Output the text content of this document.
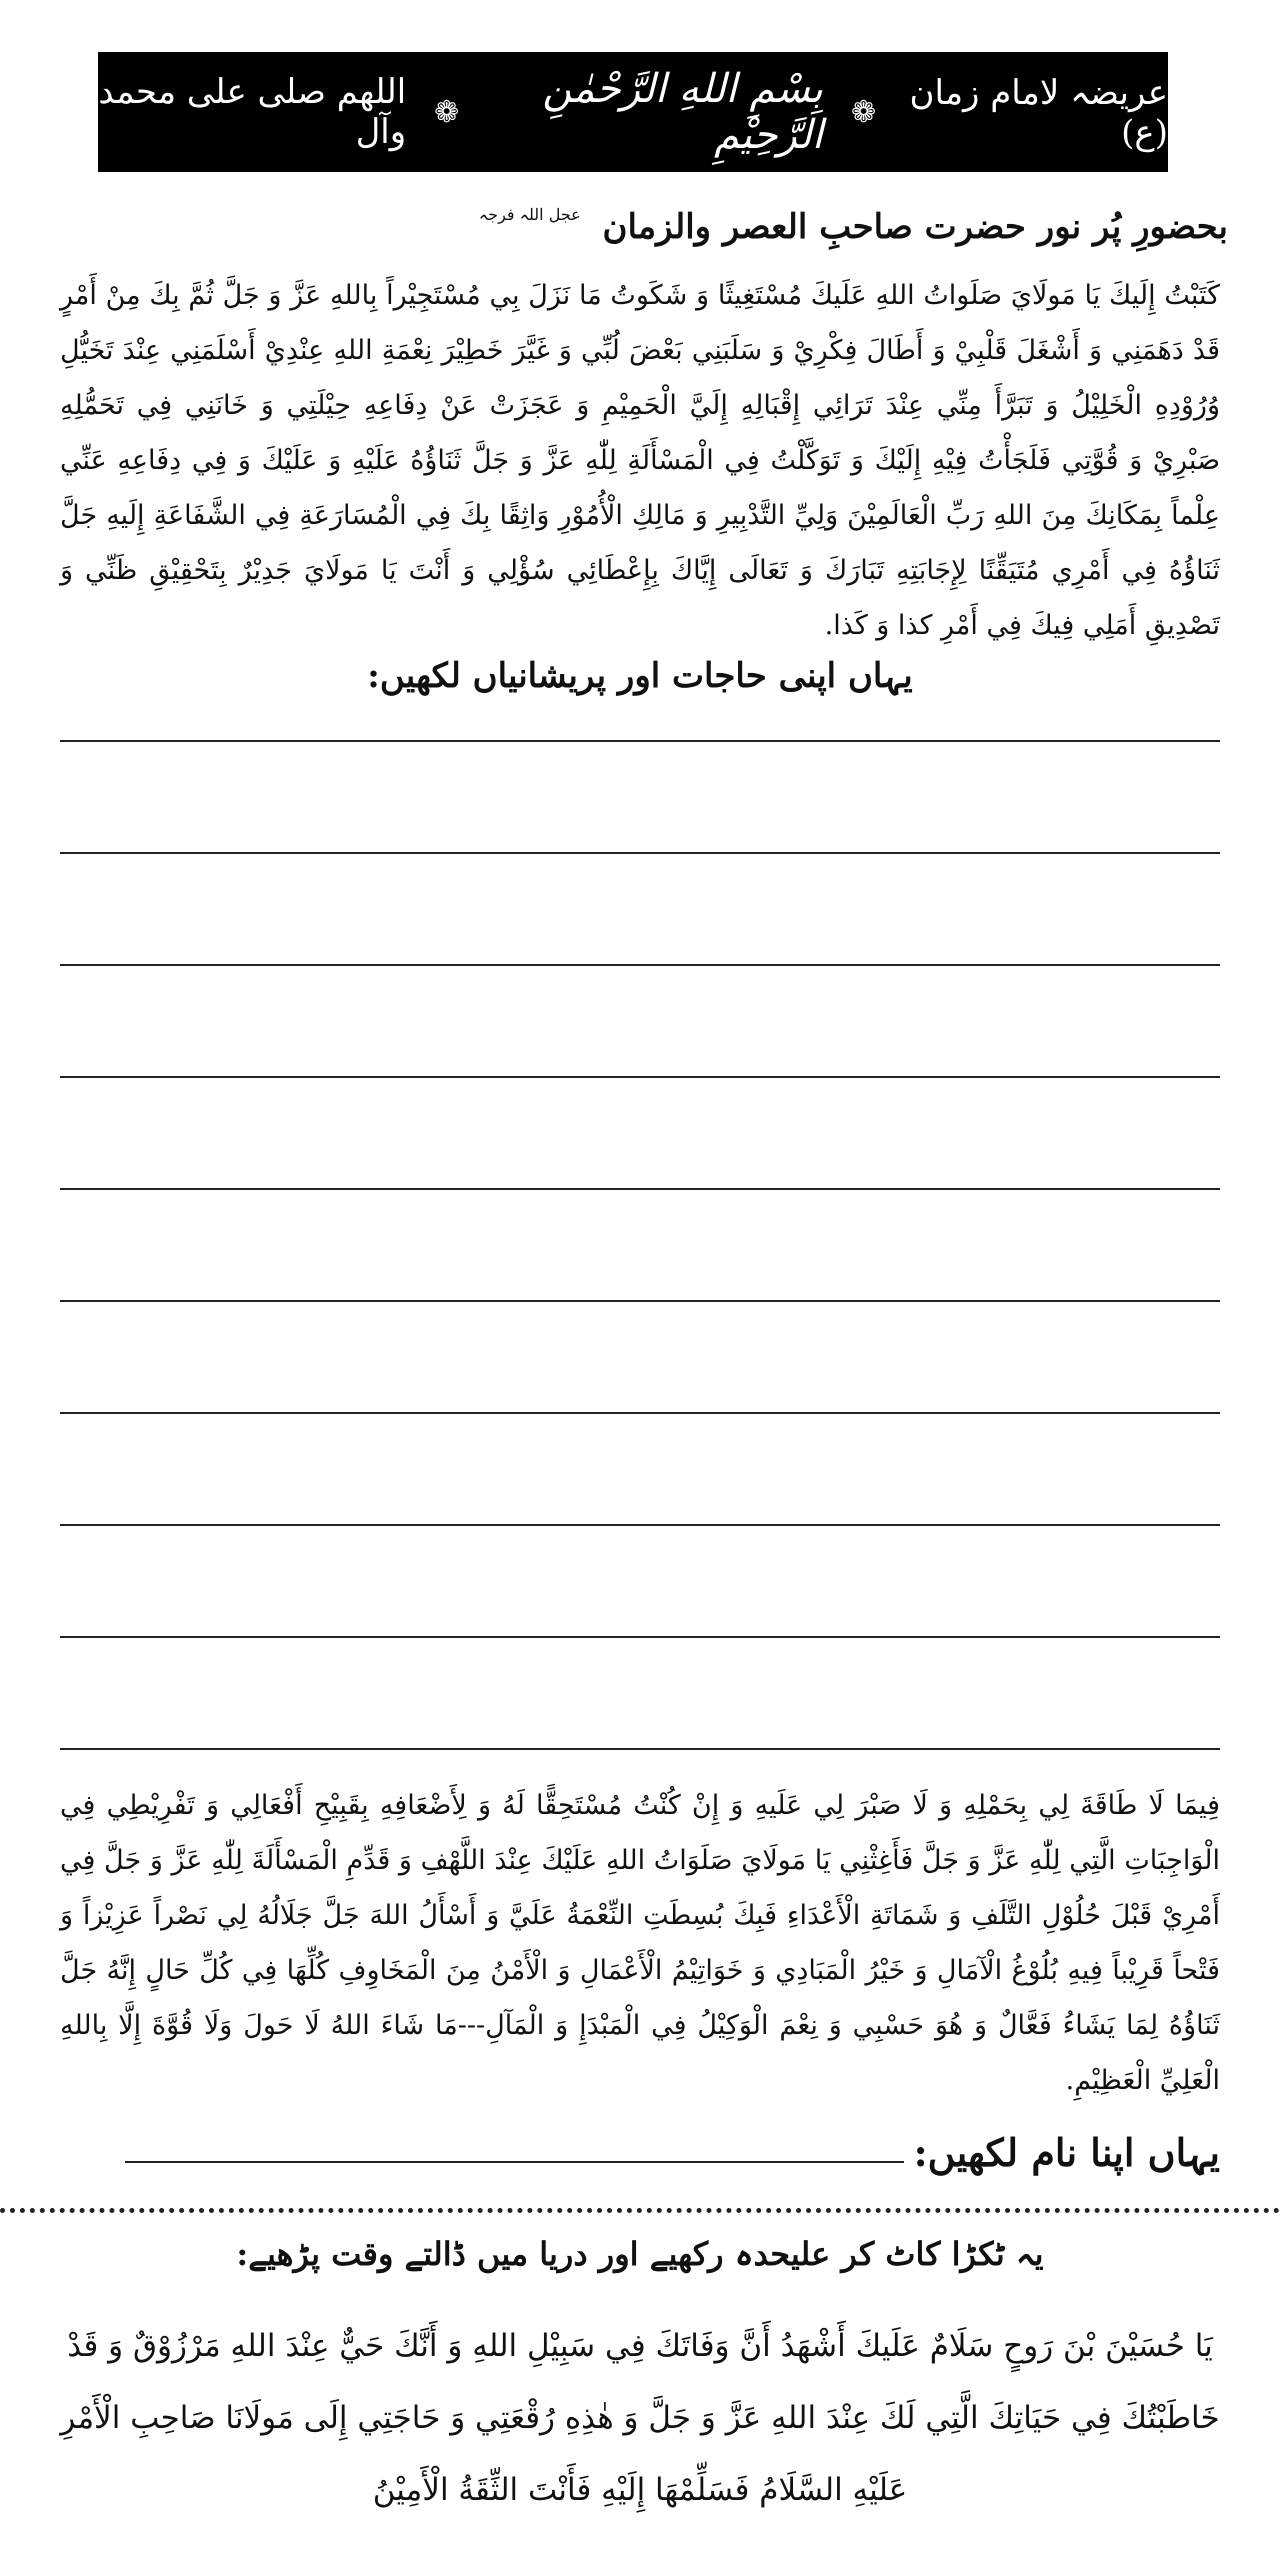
عریضہ لامام زمان (ع)
❁
بِسْمِ اللهِ الرَّحْمٰنِ الرَّحِيْمِ
❁
اللھم صلی علی محمد وآل
بحضورِ پُر نور حضرت صاحبِ العصر والزمان $^{عجل اللہ فرجہ}$
كَتَبْتُ إِلَيكَ يَا مَولَايَ صَلَواتُ اللهِ عَلَيكَ مُسْتَغِيثًا وَ شَكَوتُ مَا نَزَلَ بِي مُسْتَجِيْراً بِاللهِ عَزَّ وَ جَلَّ ثُمَّ بِكَ مِنْ أَمْرٍ قَدْ دَهَمَنِي وَ أَشْغَلَ قَلْبِيْ وَ أَطَالَ فِكْرِيْ وَ سَلَبَنِي بَعْضَ لُبِّي وَ غَيَّرَ خَطِيْرَ نِعْمَةِ اللهِ عِنْدِيْ أَسْلَمَنِي عِنْدَ تَخَيُّلِ وُرُوْدِهِ الْخَلِيْلُ وَ تَبَرَّأَ مِنِّي عِنْدَ تَرَائِي إِقْبَالِهِ إِلَيَّ الْحَمِيْمِ وَ عَجَزَتْ عَنْ دِفَاعِهِ حِيْلَتِي وَ خَانَنِي فِي تَحَمُّلِهِ صَبْرِيْ وَ قُوَّتِي فَلَجَأْتُ فِيْهِ إِلَيْكَ وَ تَوَكَّلْتُ فِي الْمَسْأَلَةِ لِلّٰهِ عَزَّ وَ جَلَّ ثَنَاؤُهُ عَلَيْهِ وَ عَلَيْكَ وَ فِي دِفَاعِهِ عَنِّي عِلْماً بِمَكَانِكَ مِنَ اللهِ رَبِّ الْعَالَمِيْنَ وَلِيِّ التَّدْبِيرِ وَ مَالِكِ الْأُمُوْرِ وَاثِقًا بِكَ فِي الْمُسَارَعَةِ فِي الشَّفَاعَةِ إِلَيهِ جَلَّ ثَنَاؤُهُ فِي أَمْرِي مُتَيَقِّنًا لِإِجَابَتِهِ تَبَارَكَ وَ تَعَالَى إِيَّاكَ بِإِعْطَائِي سُؤْلِي وَ أَنْتَ يَا مَولَايَ جَدِيْرٌ بِتَحْقِيْقِ ظَنِّي وَ تَصْدِيقِ أَمَلِي فِيكَ فِي أَمْرِ كذا وَ كَذا.
یہاں اپنی حاجات اور پریشانیاں لکھیں:
فِيمَا لَا طَاقَةَ لِي بِحَمْلِهِ وَ لَا صَبْرَ لِي عَلَيهِ وَ إِنْ كُنْتُ مُسْتَحِقًّا لَهُ وَ لِأَضْعَافِهِ بِقَبِيْحِ أَفْعَالِي وَ تَفْرِيْطِي فِي الْوَاجِبَاتِ الَّتِي لِلّٰهِ عَزَّ وَ جَلَّ فَأَغِثْنِي يَا مَولَايَ صَلَوَاتُ اللهِ عَلَيْكَ عِنْدَ اللَّهْفِ وَ قَدِّمِ الْمَسْأَلَةَ لِلّٰهِ عَزَّ وَ جَلَّ فِي أَمْرِيْ قَبْلَ حُلُوْلِ التَّلَفِ وَ شَمَاتَةِ الْأَعْدَاءِ فَبِكَ بُسِطَتِ النِّعْمَةُ عَلَيَّ وَ أَسْأَلُ اللهَ جَلَّ جَلَالُهُ لِي نَصْراً عَزِيْزاً وَ فَتْحاً قَرِيْباً فِيهِ بُلُوْغُ الْآمَالِ وَ خَيْرُ الْمَبَادِي وَ خَوَاتِيْمُ الْأَعْمَالِ وَ الْأَمْنُ مِنَ الْمَخَاوِفِ كُلِّهَا فِي كُلِّ حَالٍ إِنَّهُ جَلَّ ثَنَاؤُهُ لِمَا يَشَاءُ فَعَّالٌ وَ هُوَ حَسْبِي وَ نِعْمَ الْوَكِيْلُ فِي الْمَبْدَإِ وَ الْمَآلِ---مَا شَاءَ اللهُ لَا حَولَ وَلَا قُوَّةَ إِلَّا بِاللهِ الْعَلِيِّ الْعَظِيْمِ.
یہاں اپنا نام لکھیں:
یہ ٹکڑا کاٹ کر علیحدہ رکھیے اور دریا میں ڈالتے وقت پڑھیے:
يَا حُسَيْنَ بْنَ رَوحٍ سَلَامٌ عَلَيكَ أَشْهَدُ أَنَّ وَفَاتَكَ فِي سَبِيْلِ اللهِ وَ أَنَّكَ حَيٌّ عِنْدَ اللهِ مَرْزُوْقٌ وَ قَدْ خَاطَبْتُكَ فِي حَيَاتِكَ الَّتِي لَكَ عِنْدَ اللهِ عَزَّ وَ جَلَّ وَ هٰذِهِ رُقْعَتِي وَ حَاجَتِي إِلَى مَولَانَا صَاحِبِ الْأَمْرِ عَلَيْهِ السَّلَامُ فَسَلِّمْهَا إِلَيْهِ فَأَنْتَ الثِّقَةُ الْأَمِيْنُ
